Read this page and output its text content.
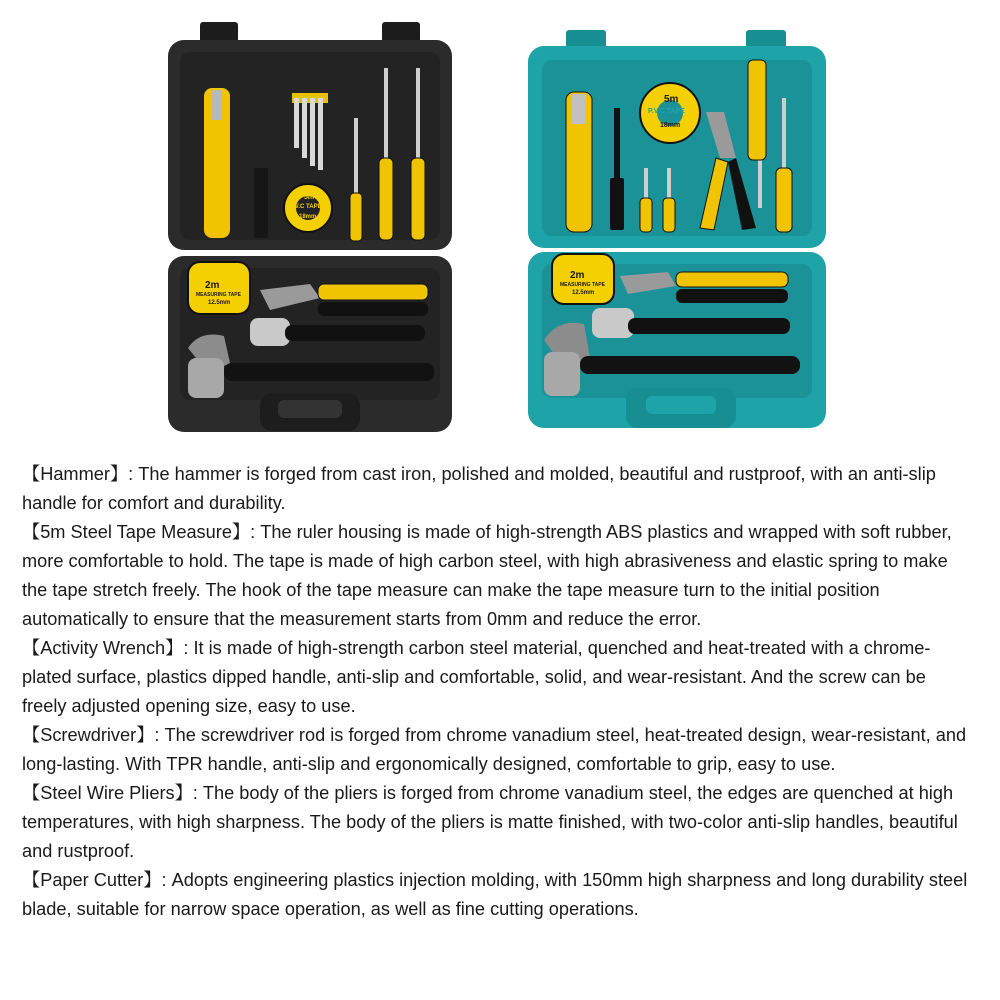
2m
MEASURING TAPE
12.5mm
5m
P.V.C TAPE
18mm
2m
MEASURING TAPE
12.5mm
5m
P.V.C TAPE
18mm

【Hammer】: The hammer is forged from cast iron, polished and molded, beautiful and rustproof, with an anti-slip handle for comfort and durability.

【5m Steel Tape Measure】: The ruler housing is made of high-strength ABS plastics and wrapped with soft rubber, more comfortable to hold. The tape is made of high carbon steel, with high abrasiveness and elastic spring to make the tape stretch freely. The hook of the tape measure can make the tape measure turn to the initial position automatically to ensure that the measurement starts from 0mm and reduce the error.

【Activity Wrench】: It is made of high-strength carbon steel material, quenched and heat-treated with a chrome-plated surface, plastics dipped handle, anti-slip and comfortable, solid, and wear-resistant. And the screw can be freely adjusted opening size, easy to use.

【Screwdriver】: The screwdriver rod is forged from chrome vanadium steel, heat-treated design, wear-resistant, and long-lasting. With TPR handle, anti-slip and ergonomically designed, comfortable to grip, easy to use.

【Steel Wire Pliers】: The body of the pliers is forged from chrome vanadium steel, the edges are quenched at high temperatures, with high sharpness. The body of the pliers is matte finished, with two-color anti-slip handles, beautiful and rustproof.

【Paper Cutter】: Adopts engineering plastics injection molding, with 150mm high sharpness and long durability steel blade, suitable for narrow space operation, as well as fine cutting operations.
